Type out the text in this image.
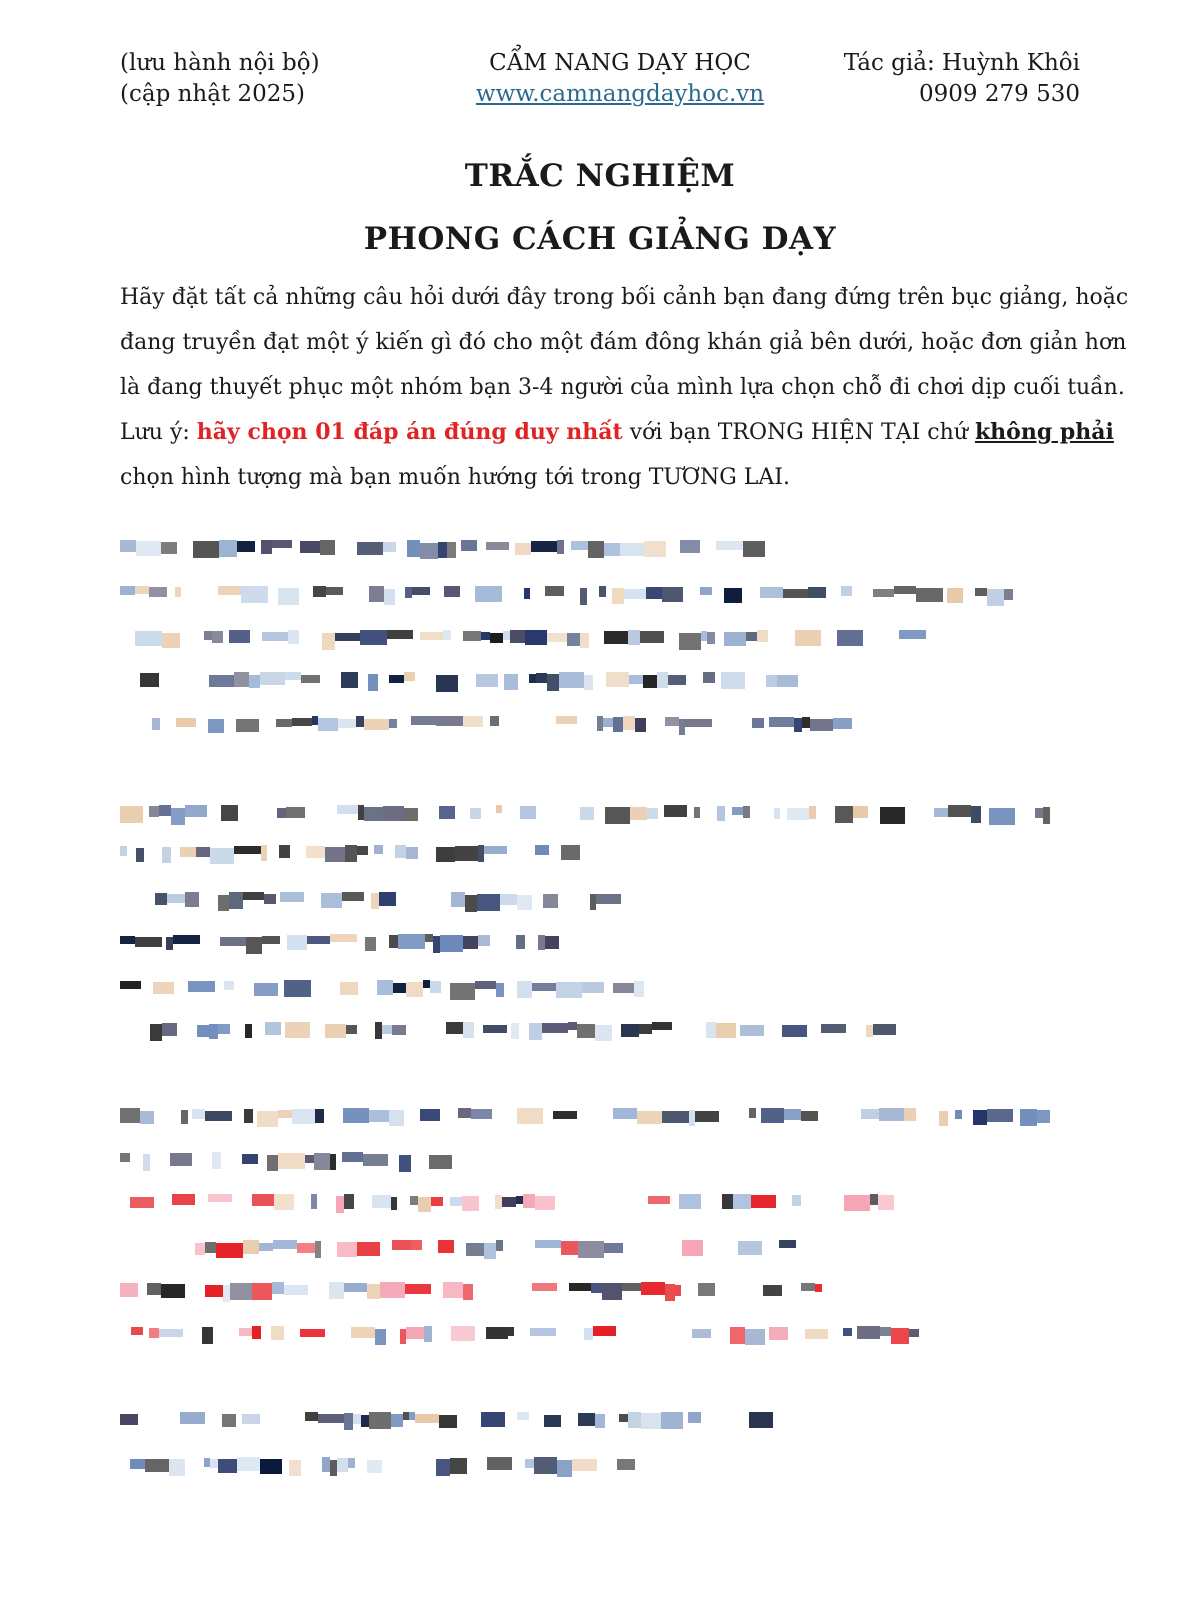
(lưu hành nội bộ)
(cập nhật 2025)
CẨM NANG DẠY HỌC
www.camnangdayhoc.vn
Tác giả: Huỳnh Khôi
0909 279 530
TRẮC NGHIỆM
PHONG CÁCH GIẢNG DẠY
Hãy đặt tất cả những câu hỏi dưới đây trong bối cảnh bạn đang đứng trên bục giảng, hoặc
đang truyền đạt một ý kiến gì đó cho một đám đông khán giả bên dưới, hoặc đơn giản hơn
là đang thuyết phục một nhóm bạn 3-4 người của mình lựa chọn chỗ đi chơi dịp cuối tuần.
Lưu ý: hãy chọn 01 đáp án đúng duy nhất với bạn TRONG HIỆN TẠI chứ không phải
chọn hình tượng mà bạn muốn hướng tới trong TƯƠNG LAI.
